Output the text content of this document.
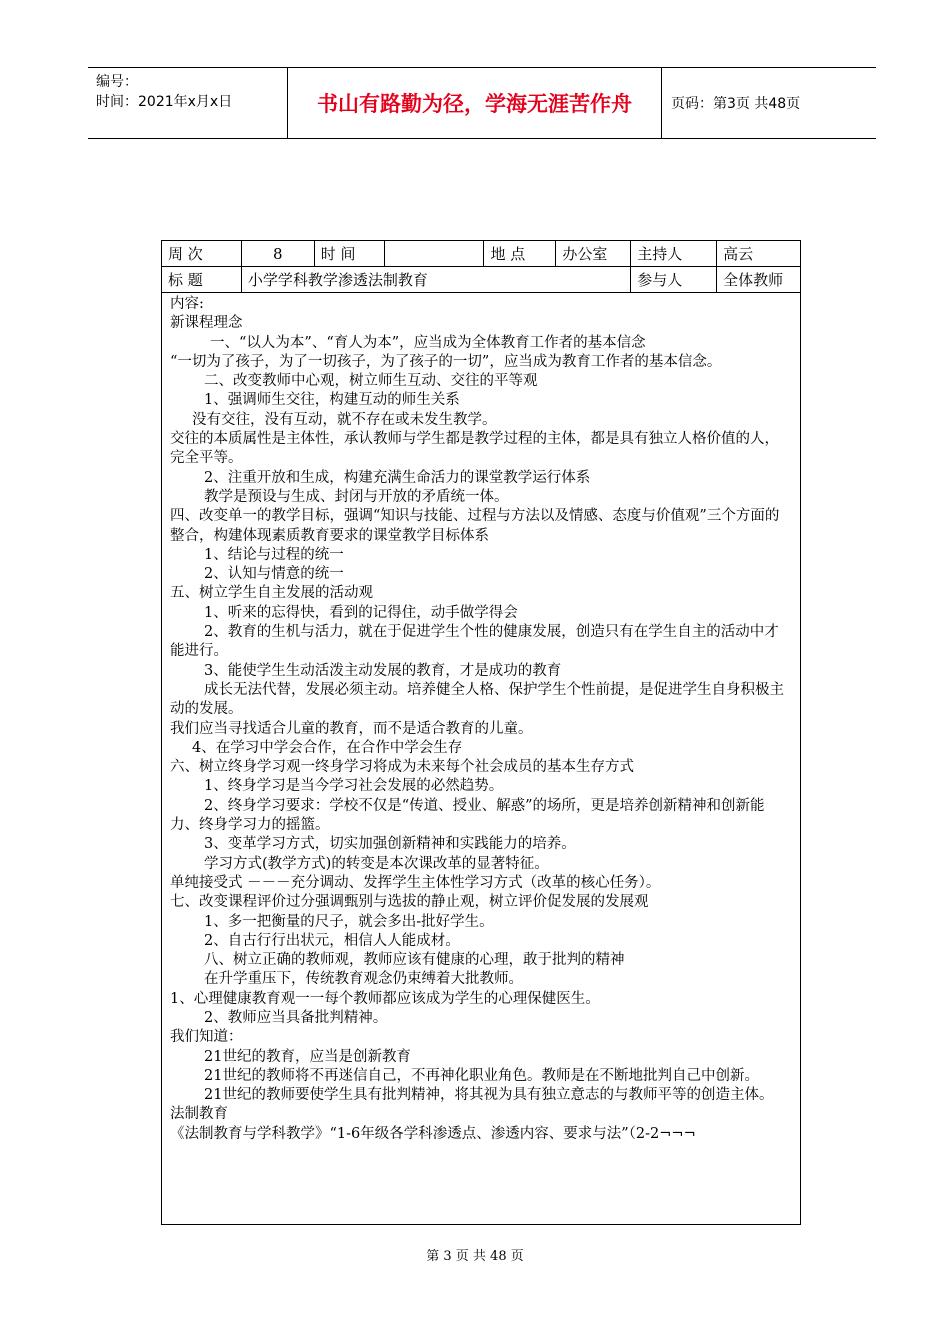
编号：
时间：2021年x月x日	书山有路勤为径，学海无涯苦作舟	页码：第3页 共48页
周 次	8	时 间		地 点	办公室	主持人	高云
标 题	小学学科教学渗透法制教育					参与人	全体教师

内容:

新课程理念

一、“以人为本”、“育人为本”，应当成为全体教育工作者的基本信念

“一切为了孩子，为了一切孩子，为了孩子的一切”，应当成为教育工作者的基本信念。

二、改变教师中心观，树立师生互动、交往的平等观

1、强调师生交往，构建互动的师生关系

没有交往，没有互动，就不存在或未发生教学。

交往的本质属性是主体性，承认教师与学生都是教学过程的主体，都是具有独立人格价值的人，完全平等。

2、注重开放和生成，构建充满生命活力的课堂教学运行体系

教学是预设与生成、封闭与开放的矛盾统一体。

四、改变单一的教学目标，强调“知识与技能、过程与方法以及情感、态度与价值观”三个方面的整合，构建体现素质教育要求的课堂教学目标体系

1、结论与过程的统一

2、认知与情意的统一

五、树立学生自主发展的活动观

1、听来的忘得快，看到的记得住，动手做学得会

2、教育的生机与活力，就在于促进学生个性的健康发展，创造只有在学生自主的活动中才能进行。

3、能使学生生动活泼主动发展的教育，才是成功的教育

成长无法代替，发展必须主动。培养健全人格、保护学生个性前提，是促进学生自身积极主动的发展。

我们应当寻找适合儿童的教育，而不是适合教育的儿童。

4、在学习中学会合作，在合作中学会生存

六、树立终身学习观一终身学习将成为未来每个社会成员的基本生存方式

1、终身学习是当今学习社会发展的必然趋势。

2、终身学习要求：学校不仅是“传道、授业、解惑”的场所，更是培养创新精神和创新能力、终身学习力的摇篮。

3、变革学习方式，切实加强创新精神和实践能力的培养。

学习方式(教学方式)的转变是本次课改革的显著特征。

单纯接受式 －－－充分调动、发挥学生主体性学习方式（改革的核心任务）。

七、改变课程评价过分强调甄别与选拔的静止观，树立评价促发展的发展观

1、多一把衡量的尺子，就会多出-批好学生。

2、自古行行出状元，相信人人能成材。

八、树立正确的教师观，教师应该有健康的心理，敢于批判的精神

在升学重压下，传统教育观念仍束缚着大批教师。

1、心理健康教育观一一每个教师都应该成为学生的心理保健医生。

2、教师应当具备批判精神。

我们知道：

21世纪的教育，应当是创新教育

21世纪的教师将不再迷信自己，不再神化职业角色。教师是在不断地批判自己中创新。

21世纪的教师要使学生具有批判精神，将其视为具有独立意志的与教师平等的创造主体。

法制教育

《法制教育与学科教学》“1-6年级各学科渗透点、渗透内容、要求与法”（2-2¬¬¬

第 3 页 共 48 页
